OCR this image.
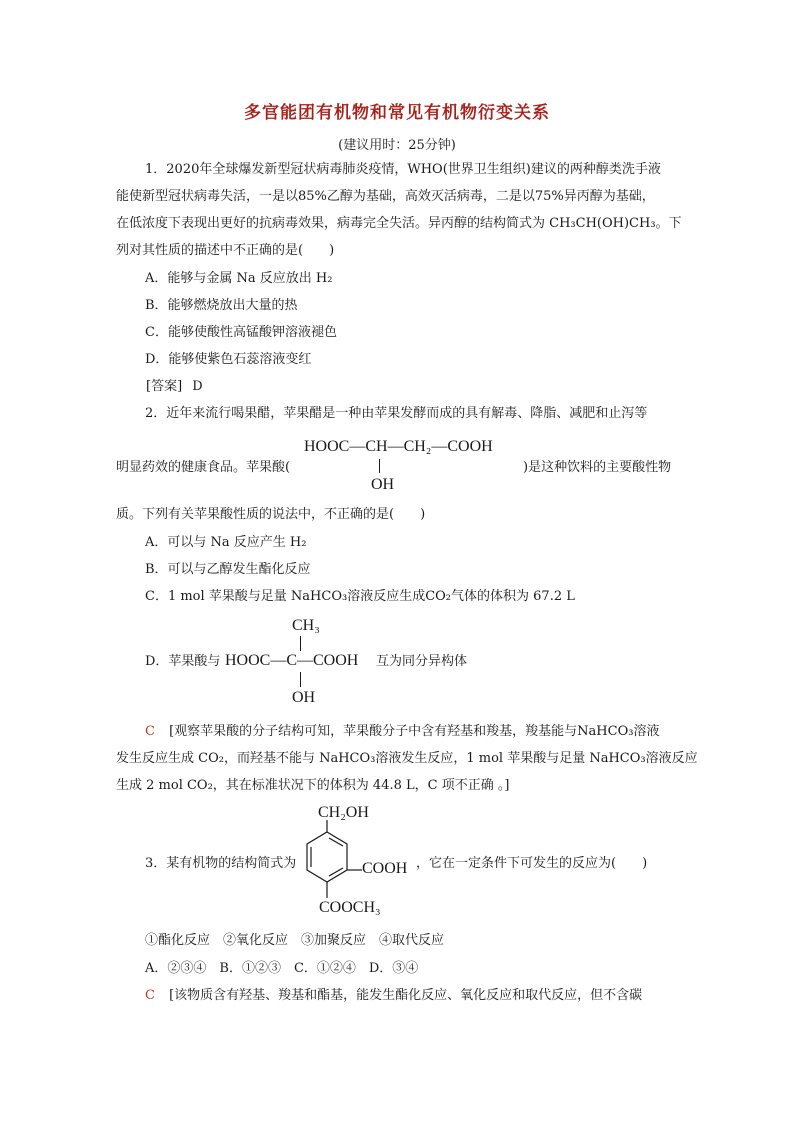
多官能团有机物和常见有机物衍变关系
(建议用时：25分钟)
1．2020年全球爆发新型冠状病毒肺炎疫情，WHO(世界卫生组织)建议的两种醇类洗手液
能使新型冠状病毒失活，一是以85%乙醇为基础，高效灭活病毒，二是以75%异丙醇为基础，
在低浓度下表现出更好的抗病毒效果，病毒完全失活。异丙醇的结构简式为 CH₃CH(OH)CH₃。下
列对其性质的描述中不正确的是(　　)
A．能够与金属 Na 反应放出 H₂
B．能够燃烧放出大量的热
C．能够使酸性高锰酸钾溶液褪色
D．能够使紫色石蕊溶液变红
[答案] D
2．近年来流行喝果醋，苹果醋是一种由苹果发酵而成的具有解毒、降脂、减肥和止泻等
明显药效的健康食品。苹果酸(
HOOC—CH—CH₂—COOH
OH
)是这种饮料的主要酸性物
质。下列有关苹果酸性质的说法中，不正确的是(　　)
A．可以与 Na 反应产生 H₂
B．可以与乙醇发生酯化反应
C．1 mol 苹果酸与足量 NaHCO₃溶液反应生成CO₂气体的体积为 67.2 L
D．苹果酸与
CH₃
HOOC—C—COOH
OH
互为同分异构体
C [观察苹果酸的分子结构可知，苹果酸分子中含有羟基和羧基，羧基能与NaHCO₃溶液
发生反应生成 CO₂，而羟基不能与 NaHCO₃溶液发生反应，1 mol 苹果酸与足量 NaHCO₃溶液反应
生成 2 mol CO₂，其在标准状况下的体积为 44.8 L，C 项不正确 。]
CH₂OH
COOH
COOCH₃
3．某有机物的结构简式为	，它在一定条件下可发生的反应为(　　)
①酯化反应　②氧化反应　③加聚反应　④取代反应
A．②③④　B．①②③　C．①②④　D．③④
C [该物质含有羟基、羧基和酯基，能发生酯化反应、氧化反应和取代反应，但不含碳
